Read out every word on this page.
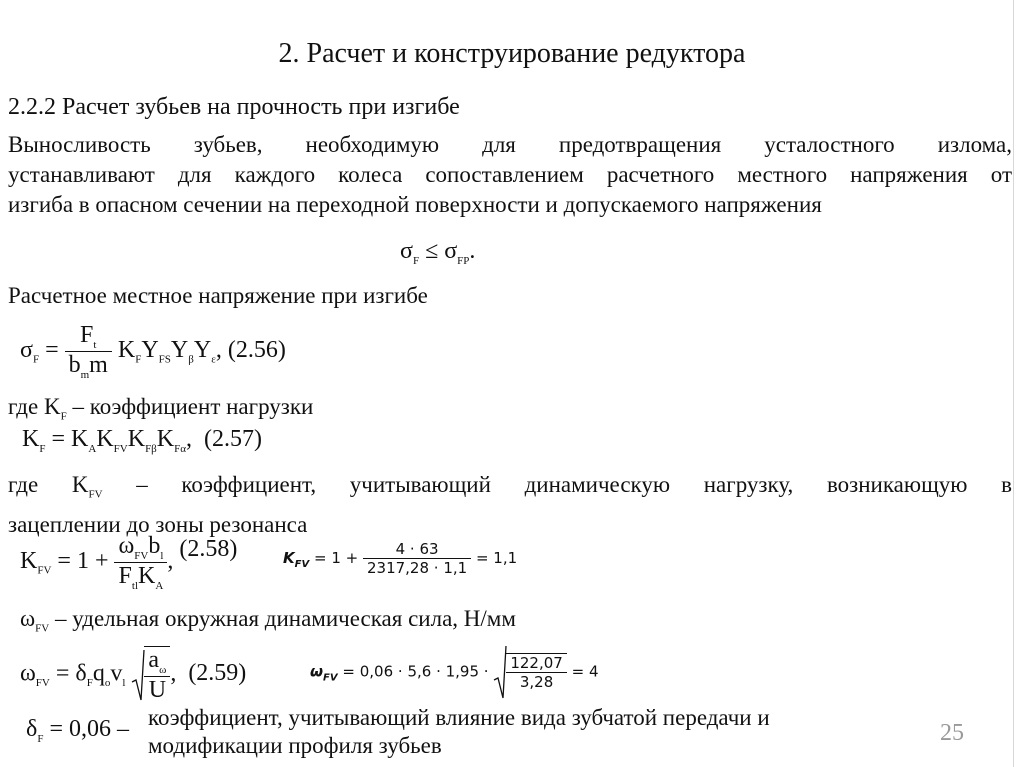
2. Расчет и конструирование редуктора
2.2.2 Расчет зубьев на прочность при изгибе
Выносливость зубьев, необходимую для предотвращения усталостного излома,
устанавливают для каждого колеса сопоставлением расчетного местного напряжения от
изгиба в опасном сечении на переходной поверхности и допускаемого напряжения
$\sigma_F \le \sigma_{FP}$.
Расчетное местное напряжение при изгибе
$\sigma_F = \frac{F_t}{b_mm} K_FY_{FS}Y_\beta Y_\varepsilon$, (2.56)
где $K_F$ – коэффициент нагрузки
$K_F = K_AK_{FV}K_{F\beta}K_{F\alpha}$, (2.57)
где $K_{FV}$ – коэффициент, учитывающий динамическую нагрузку, возникающую в
зацеплении до зоны резонанса
$K_{FV} = 1 + \frac{\omega_{FV}b_l}{F_{tl}K_A}$ , (2.58)	$K_{FV} = 1 + \frac{4 \cdot 63}{2317,28 \cdot 1,1} = 1,1$
$\omega_{FV}$ – удельная окружная динамическая сила, Н/мм
$\omega_{FV} = \delta_Fq_ov_l \frac{a_\omega}{U}$ , (2.59)	$\omega_{FV} = 0,06 \cdot 5,6 \cdot 1,95 \cdot \frac{122,07}{3,28} = 4$
$\delta_F = 0,06$ – коэффициент, учитывающий влияние вида зубчатой передачи и
модификации профиля зубьев	25
